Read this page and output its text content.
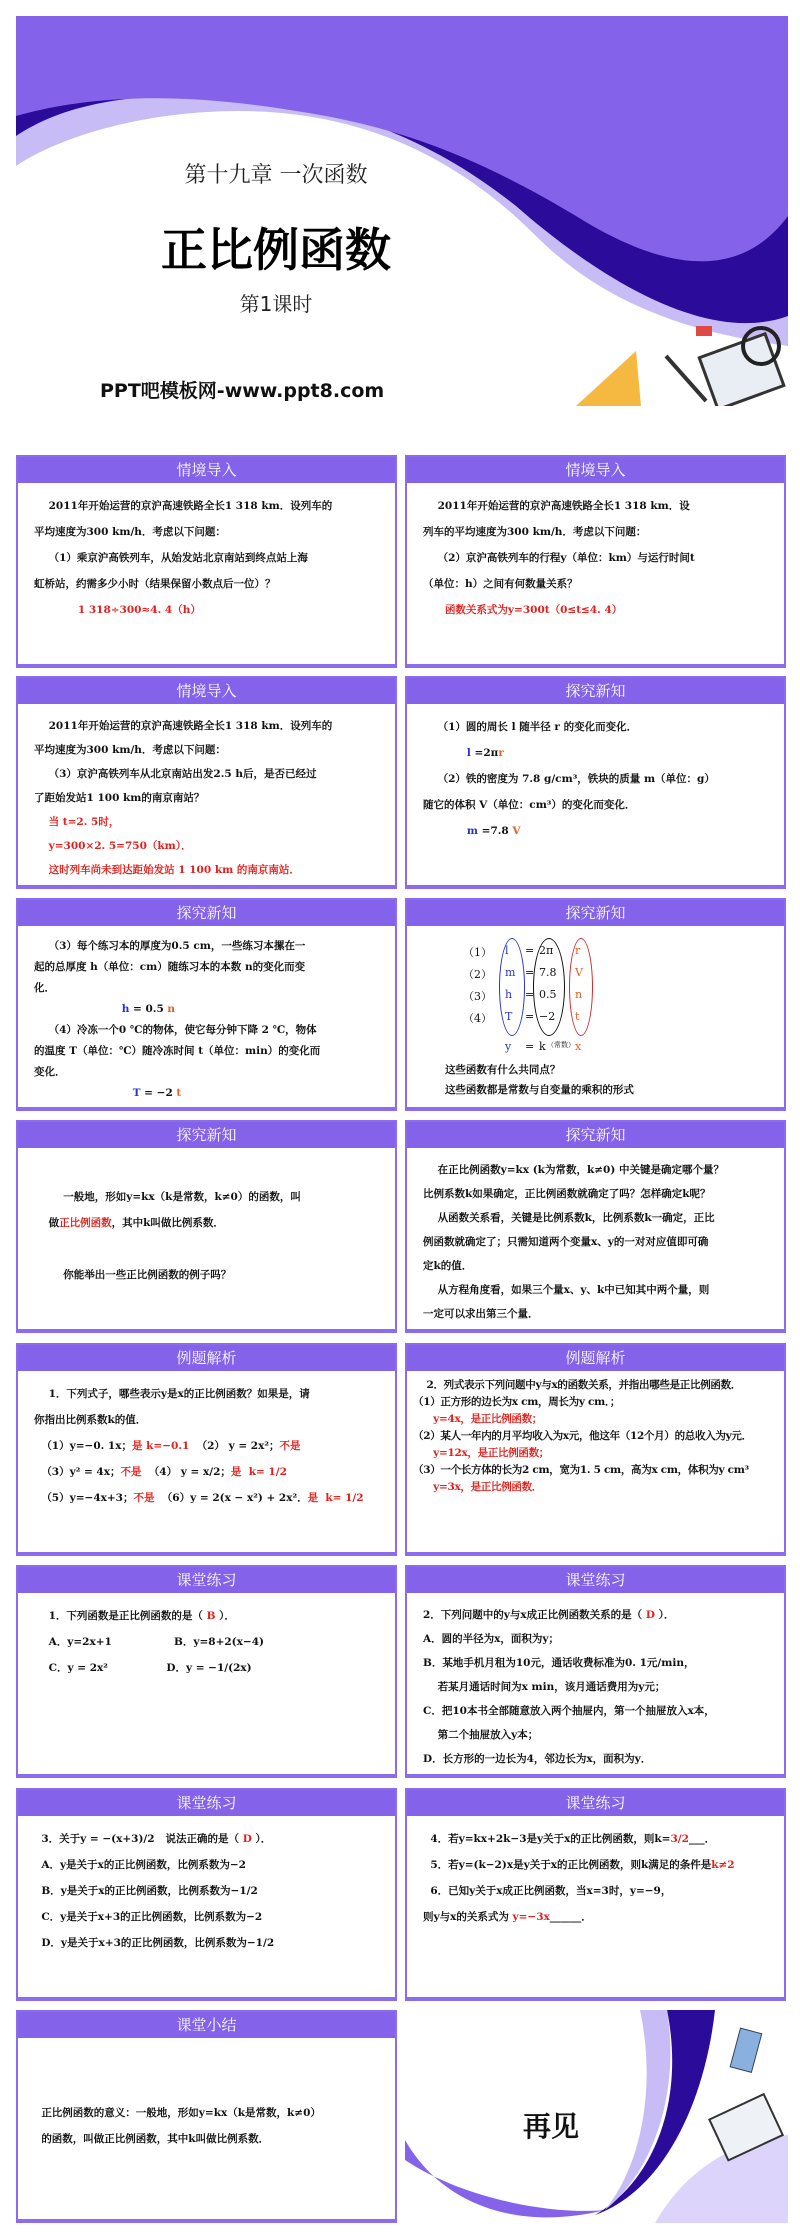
第十九章 一次函数
正比例函数
第1课时
PPT吧模板网-www.ppt8.com
情境导入

2011年开始运营的京沪高速铁路全长1 318 km．设列车的

平均速度为300 km/h．考虑以下问题：

（1）乘京沪高铁列车，从始发站北京南站到终点站上海

虹桥站，约需多少小时（结果保留小数点后一位）？

1 318÷300≈4. 4（h）

情境导入

2011年开始运营的京沪高速铁路全长1 318 km．设

列车的平均速度为300 km/h．考虑以下问题：

（2）京沪高铁列车的行程y（单位：km）与运行时间t

（单位：h）之间有何数量关系？

函数关系式为y=300t（0≤t≤4. 4）

情境导入

2011年开始运营的京沪高速铁路全长1 318 km．设列车的

平均速度为300 km/h．考虑以下问题：

（3）京沪高铁列车从北京南站出发2.5 h后，是否已经过

了距始发站1 100 km的南京南站？

当 t=2. 5时，

y=300×2. 5=750（km）．

这时列车尚未到达距始发站 1 100 km 的南京南站．

探究新知

（1）圆的周长 l 随半径 r 的变化而变化．

l =2πr

（2）铁的密度为 7.8 g/cm³，铁块的质量 m（单位：g）

随它的体积 V（单位：cm³）的变化而变化．

m =7.8 V

探究新知

（3）每个练习本的厚度为0.5 cm，一些练习本摞在一

起的总厚度 h（单位：cm）随练习本的本数 n的变化而变

化．

h = 0.5 n

（4）冷冻一个0 ℃的物体，使它每分钟下降 2 ℃，物体

的温度 T（单位：℃）随冷冻时间 t（单位：min）的变化而

变化．

T = −2 t

探究新知
（1） l = 2π r
（2） m = 7.8 V
（3） h = 0.5 n
（4） T = −2 t
y = k （常数） x

这些函数有什么共同点？

这些函数都是常数与自变量的乘积的形式

探究新知

一般地，形如y=kx（k是常数，k≠0）的函数，叫

做正比例函数，其中k叫做比例系数．

你能举出一些正比例函数的例子吗？

探究新知

在正比例函数y=kx (k为常数，k≠0) 中关键是确定哪个量？

比例系数k如果确定，正比例函数就确定了吗？怎样确定k呢？

从函数关系看，关键是比例系数k，比例系数k一确定，正比

例函数就确定了；只需知道两个变量x、y的一对对应值即可确

定k的值．

从方程角度看，如果三个量x、y、k中已知其中两个量，则

一定可以求出第三个量．

例题解析

1．下列式子，哪些表示y是x的正比例函数？如果是，请

你指出比例系数k的值．

（1）y=−0. 1x；是 k=−0.1  （2） y = 2x²；不是

（3）y² = 4x；不是  （4） y = x/2；是  k= 1/2

（5）y=−4x+3；不是  （6）y = 2(x − x²) + 2x²．是  k= 1/2

例题解析

2．列式表示下列问题中y与x的函数关系，并指出哪些是正比例函数．

（1）正方形的边长为x cm，周长为y cm．；

y=4x，是正比例函数；

（2）某人一年内的月平均收入为x元，他这年（12个月）的总收入为y元．

y=12x，是正比例函数；

（3）一个长方体的长为2 cm，宽为1. 5 cm，高为x cm，体积为y cm³

y=3x，是正比例函数．

课堂练习

1．下列函数是正比例函数的是（ B ）．

A．y=2x+1                 B．y=8+2(x−4)

C．y = 2x²                D．y = −1/(2x)

课堂练习

2．下列问题中的y与x成正比例函数关系的是（ D ）．

A．圆的半径为x，面积为y；

B．某地手机月租为10元，通话收费标准为0. 1元/min，

若某月通话时间为x min，该月通话费用为y元；

C．把10本书全部随意放入两个抽屉内，第一个抽屉放入x本，

第二个抽屉放入y本；

D．长方形的一边长为4，邻边长为x，面积为y．

课堂练习

3．关于y = −(x+3)/2   说法正确的是（ D ）．

A．y是关于x的正比例函数，比例系数为−2

B．y是关于x的正比例函数，比例系数为−1/2

C．y是关于x+3的正比例函数，比例系数为−2

D．y是关于x+3的正比例函数，比例系数为−1/2

课堂练习

4．若y=kx+2k−3是y关于x的正比例函数，则k=3/2___．

5．若y=(k−2)x是y关于x的正比例函数，则k满足的条件是k≠2

6．已知y关于x成正比例函数，当x=3时，y=−9，

则y与x的关系式为 y=−3x______．

课堂小结

正比例函数的意义：一般地，形如y=kx（k是常数，k≠0）

的函数，叫做正比例函数，其中k叫做比例系数．	再见
